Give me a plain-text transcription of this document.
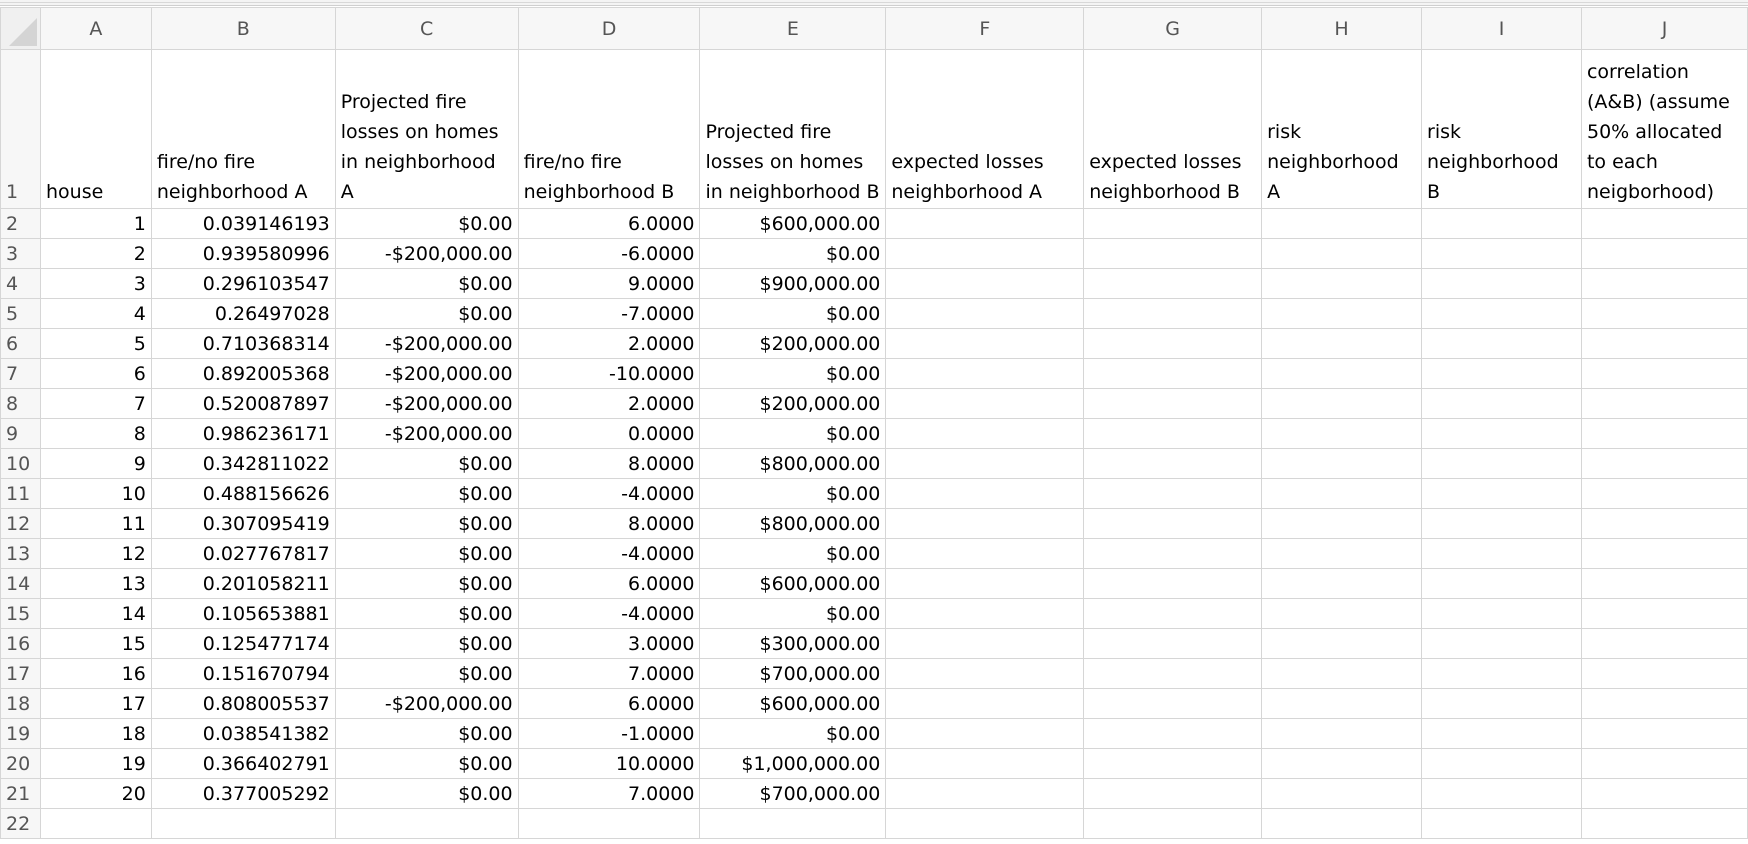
	A	B	C	D	E	F	G	H	I	J
1	house	fire/no fire neighborhood A	Projected fire losses on homes in neighborhood A	fire/no fire neighborhood B	Projected fire losses on homes in neighborhood B	expected losses neighborhood A	expected losses neighborhood B	risk neighborhood A	risk neighborhood B	correlation (A&B) (assume 50% allocated to each neigborhood)
2	1	0.039146193	$0.00	6.0000	$600,000.00					
3	2	0.939580996	-$200,000.00	-6.0000	$0.00					
4	3	0.296103547	$0.00	9.0000	$900,000.00					
5	4	0.26497028	$0.00	-7.0000	$0.00					
6	5	0.710368314	-$200,000.00	2.0000	$200,000.00					
7	6	0.892005368	-$200,000.00	-10.0000	$0.00					
8	7	0.520087897	-$200,000.00	2.0000	$200,000.00					
9	8	0.986236171	-$200,000.00	0.0000	$0.00					
10	9	0.342811022	$0.00	8.0000	$800,000.00					
11	10	0.488156626	$0.00	-4.0000	$0.00					
12	11	0.307095419	$0.00	8.0000	$800,000.00					
13	12	0.027767817	$0.00	-4.0000	$0.00					
14	13	0.201058211	$0.00	6.0000	$600,000.00					
15	14	0.105653881	$0.00	-4.0000	$0.00					
16	15	0.125477174	$0.00	3.0000	$300,000.00					
17	16	0.151670794	$0.00	7.0000	$700,000.00					
18	17	0.808005537	-$200,000.00	6.0000	$600,000.00					
19	18	0.038541382	$0.00	-1.0000	$0.00					
20	19	0.366402791	$0.00	10.0000	$1,000,000.00					
21	20	0.377005292	$0.00	7.0000	$700,000.00					
22										
